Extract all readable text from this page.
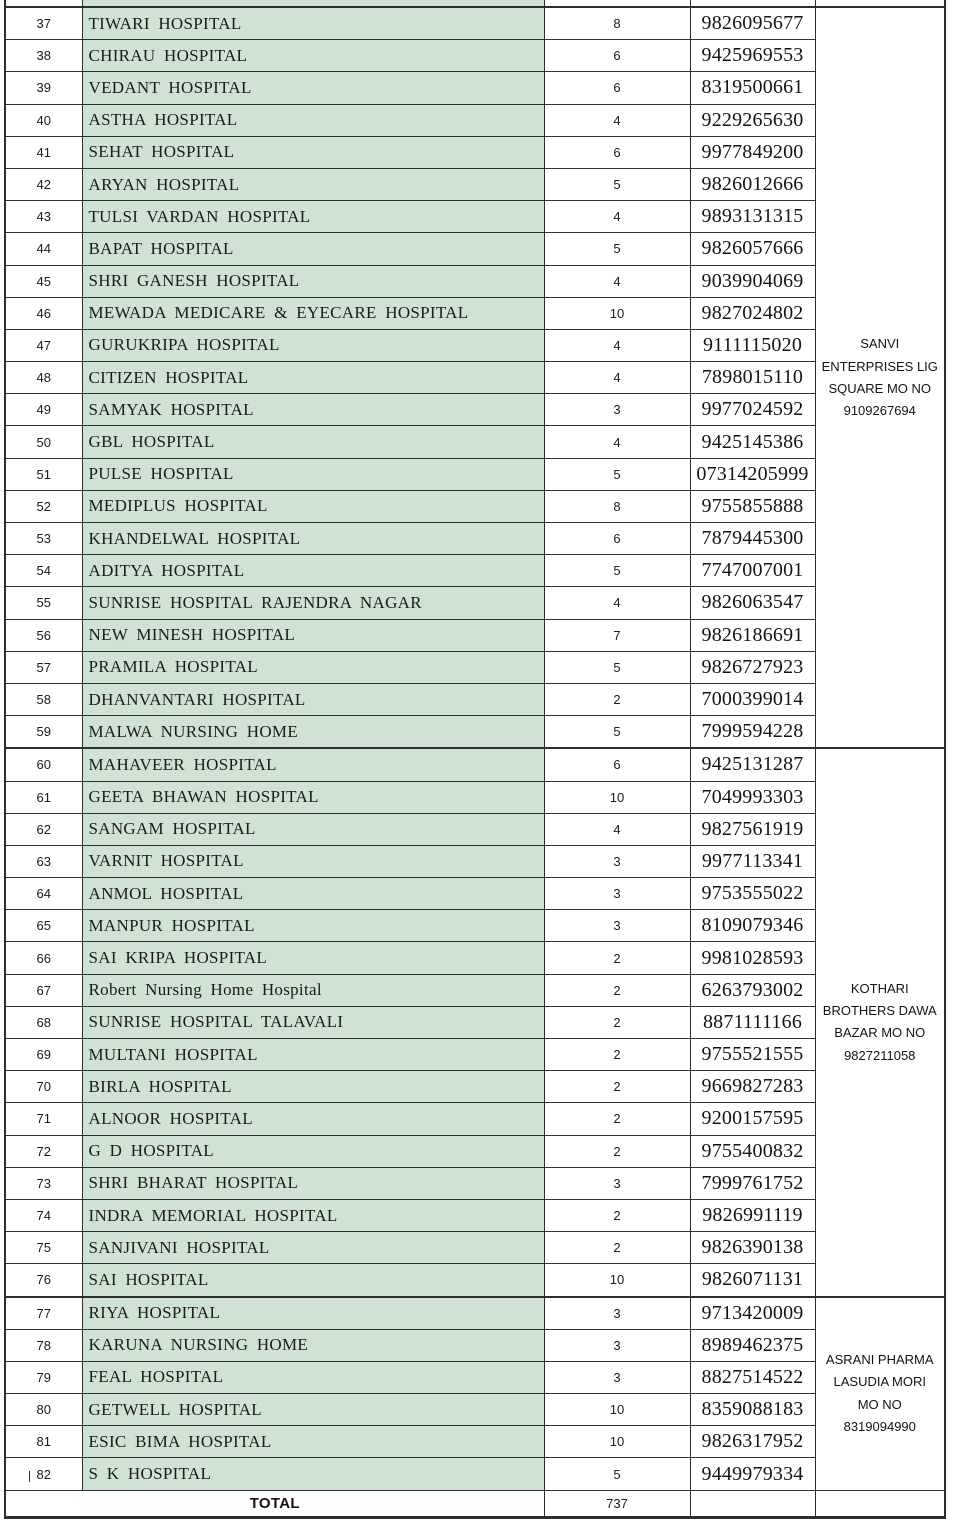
37	TIWARI HOSPITAL	8	9826095677	SANVI
ENTERPRISES LIG
SQUARE MO NO
9109267694

38	CHIRAU HOSPITAL	6	9425969553	
39	VEDANT HOSPITAL	6	8319500661	
40	ASTHA HOSPITAL	4	9229265630	
41	SEHAT HOSPITAL	6	9977849200	
42	ARYAN HOSPITAL	5	9826012666	
43	TULSI VARDAN HOSPITAL	4	9893131315	
44	BAPAT HOSPITAL	5	9826057666	
45	SHRI GANESH HOSPITAL	4	9039904069	
46	MEWADA MEDICARE & EYECARE HOSPITAL	10	9827024802	
47	GURUKRIPA HOSPITAL	4	9111115020	
48	CITIZEN HOSPITAL	4	7898015110	
49	SAMYAK HOSPITAL	3	9977024592	
50	GBL HOSPITAL	4	9425145386	
51	PULSE HOSPITAL	5	07314205999	
52	MEDIPLUS HOSPITAL	8	9755855888	
53	KHANDELWAL HOSPITAL	6	7879445300	
54	ADITYA HOSPITAL	5	7747007001	
55	SUNRISE HOSPITAL RAJENDRA NAGAR	4	9826063547	
56	NEW MINESH HOSPITAL	7	9826186691	
57	PRAMILA HOSPITAL	5	9826727923	
58	DHANVANTARI HOSPITAL	2	7000399014	
59	MALWA NURSING HOME	5	7999594228	
60	MAHAVEER HOSPITAL	6	9425131287	KOTHARI
BROTHERS DAWA
BAZAR MO NO
9827211058

61	GEETA BHAWAN HOSPITAL	10	7049993303	
62	SANGAM HOSPITAL	4	9827561919	
63	VARNIT HOSPITAL	3	9977113341	
64	ANMOL HOSPITAL	3	9753555022	
65	MANPUR HOSPITAL	3	8109079346	
66	SAI KRIPA HOSPITAL	2	9981028593	
67	Robert Nursing Home Hospital	2	6263793002	
68	SUNRISE HOSPITAL TALAVALI	2	8871111166	
69	MULTANI HOSPITAL	2	9755521555	
70	BIRLA HOSPITAL	2	9669827283	
71	ALNOOR HOSPITAL	2	9200157595	
72	G D HOSPITAL	2	9755400832	
73	SHRI BHARAT HOSPITAL	3	7999761752	
74	INDRA MEMORIAL HOSPITAL	2	9826991119	
75	SANJIVANI HOSPITAL	2	9826390138	
76	SAI HOSPITAL	10	9826071131	
77	RIYA HOSPITAL	3	9713420009	ASRANI PHARMA
LASUDIA MORI
MO NO
8319094990

78	KARUNA NURSING HOME	3	8989462375	
79	FEAL HOSPITAL	3	8827514522	
80	GETWELL HOSPITAL	10	8359088183	
81	ESIC BIMA HOSPITAL	10	9826317952	
82	S K HOSPITAL	5	9449979334	
TOTAL		737		
